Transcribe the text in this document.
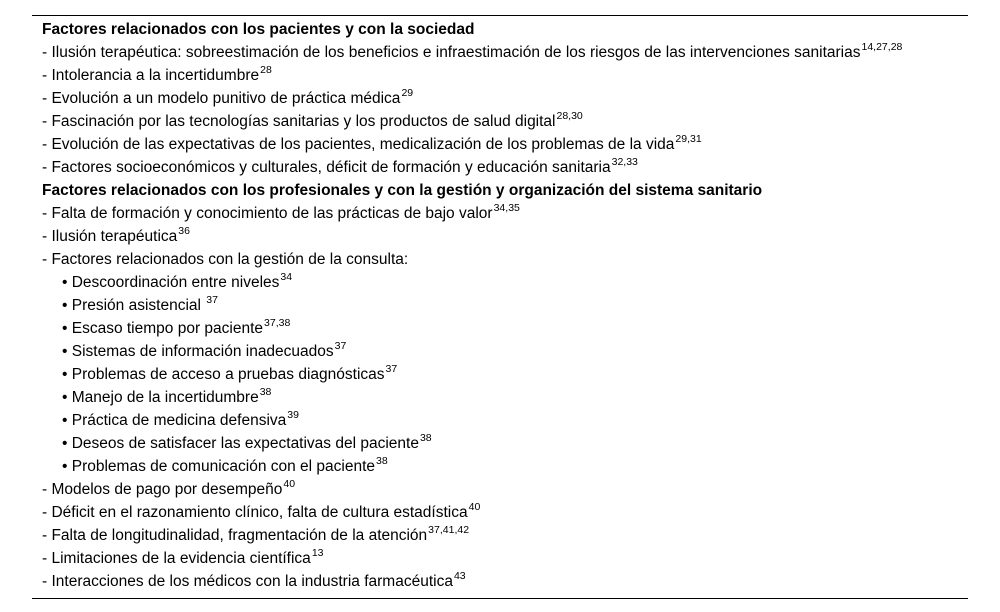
Factores relacionados con los pacientes y con la sociedad
- Ilusión terapéutica: sobreestimación de los beneficios e infraestimación de los riesgos de las intervenciones sanitarias$^{14,27,28}$
- Intolerancia a la incertidumbre$^{28}$
- Evolución a un modelo punitivo de práctica médica$^{29}$
- Fascinación por las tecnologías sanitarias y los productos de salud digital$^{28,30}$
- Evolución de las expectativas de los pacientes, medicalización de los problemas de la vida$^{29,31}$
- Factores socioeconómicos y culturales, déficit de formación y educación sanitaria$^{32,33}$
Factores relacionados con los profesionales y con la gestión y organización del sistema sanitario
- Falta de formación y conocimiento de las prácticas de bajo valor$^{34,35}$
- Ilusión terapéutica$^{36}$
- Factores relacionados con la gestión de la consulta:
• Descoordinación entre niveles$^{34}$
• Presión asistencial $^{37}$
• Escaso tiempo por paciente$^{37,38}$
• Sistemas de información inadecuados$^{37}$
• Problemas de acceso a pruebas diagnósticas$^{37}$
• Manejo de la incertidumbre$^{38}$
• Práctica de medicina defensiva$^{39}$
• Deseos de satisfacer las expectativas del paciente$^{38}$
• Problemas de comunicación con el paciente$^{38}$
- Modelos de pago por desempeño$^{40}$
- Déficit en el razonamiento clínico, falta de cultura estadística$^{40}$
- Falta de longitudinalidad, fragmentación de la atención$^{37,41,42}$
- Limitaciones de la evidencia científica$^{13}$
- Interacciones de los médicos con la industria farmacéutica$^{43}$
